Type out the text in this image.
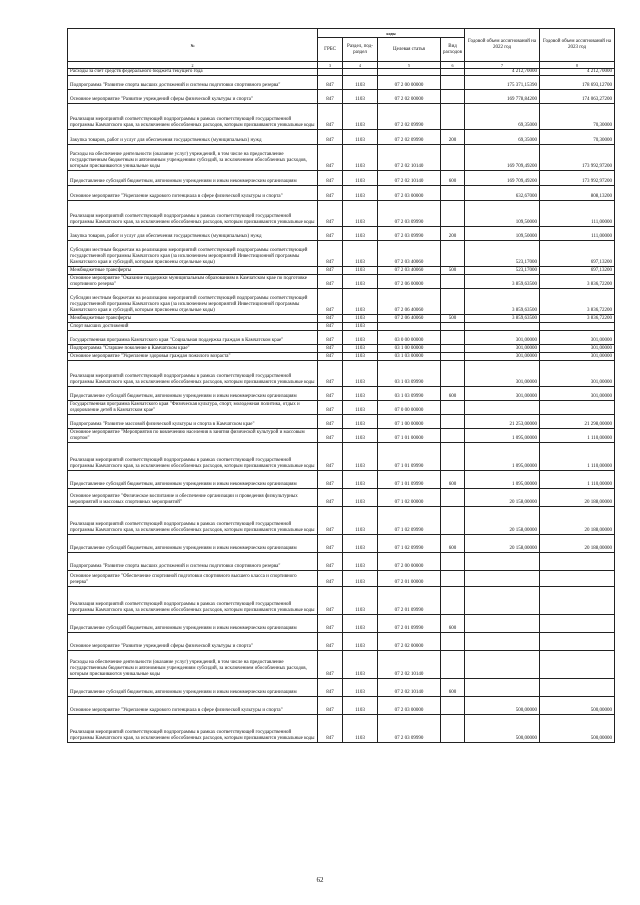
№	коды				Годовой объем ассигнований на 2022 год	Годовой объем ассигнований на 2023 год
	ГРБС	Раздел, под-раздел	Целевая статья	Вид расходов		
2	3	4	5	6	7	8
Расходы за счет средств федерального бюджета текущего года					4 212,70000	4 212,70000
Подпрограмма "Развитие спорта высших достижений и системы подготовки спортивного резерва"	847	1103	07 2 00 00000		175 371,15390	178 693,12700
Основное мероприятие "Развитие учреждений сферы физической культуры и спорта"	847	1103	07 2 02 00000		169 778,84200	174 063,27200
Реализация мероприятий соответствующей подпрограммы в рамках соответствующей государственной программы Камчатского края, за исключением обособленных расходов, которым присваиваются уникальные коды	847	1103	07 2 02 09990		69,35000	70,30000
Закупка товаров, работ и услуг для обеспечения государственных (муниципальных) нужд	847	1103	07 2 02 09990	200	69,35000	70,30000
Расходы на обеспечение деятельности (оказание услуг) учреждений, в том числе на предоставление государственным бюджетным и автономным учреждениям субсидий, за исключением обособленных расходов, которым присваиваются уникальные коды	847	1103	07 2 02 10140		169 709,49200	173 992,97200
Предоставление субсидий бюджетным, автономным учреждениям и иным некоммерческим организациям	847	1103	07 2 02 10140	600	169 709,49200	173 992,97200
Основное мероприятие "Укрепление кадрового потенциала в сфере физической культуры и спорта"	847	1103	07 2 03 00000		632,67000	808,13200
Реализация мероприятий соответствующей подпрограммы в рамках соответствующей государственной программы Камчатского края, за исключением обособленных расходов, которым присваиваются уникальные коды	847	1103	07 2 03 09990		109,50000	111,00000
Закупка товаров, работ и услуг для обеспечения государственных (муниципальных) нужд	847	1103	07 2 03 09990	200	109,50000	111,00000
Субсидии местным бюджетам на реализацию мероприятий соответствующей подпрограммы соответствующей государственной программы Камчатского края (за исключением мероприятий Инвестиционной программы Камчатского края и субсидий, которым присвоены отдельные коды)	847	1103	07 2 03 40060		523,17000	697,13200
Межбюджетные трансферты	847	1103	07 2 03 40060	500	523,17000	697,13200
Основное мероприятие "Оказание поддержки муниципальным образованиям в Камчатском крае по подготовке спортивного резерва"	847	1103	07 2 06 00000		3 859,63500	3 836,72200
Субсидии местным бюджетам на реализацию мероприятий соответствующей подпрограммы соответствующей государственной программы Камчатского края (за исключением мероприятий Инвестиционной программы Камчатского края и субсидий, которым присвоены отдельные коды)	847	1103	07 2 06 40060		3 859,63500	3 836,72200
Межбюджетные трансферты	847	1103	07 2 06 40060	500	3 859,63500	3 836,72200
Спорт высших достижений	847	1103				
Государственная программа Камчатского края "Социальная поддержка граждан в Камчатском крае"	847	1103	03 0 00 00000		301,00000	301,00000
Подпрограмма "Старшее поколение в Камчатском крае"	847	1103	03 1 00 00000		301,00000	301,00000
Основное мероприятие "Укрепление здоровья граждан пожилого возраста"	847	1103	03 1 03 00000		301,00000	301,00000
Реализация мероприятий соответствующей подпрограммы в рамках соответствующей государственной программы Камчатского края, за исключением обособленных расходов, которым присваиваются уникальные коды	847	1103	03 1 03 09990		301,00000	301,00000
Предоставление субсидий бюджетным, автономным учреждениям и иным некоммерческим организациям	847	1103	03 1 03 09990	600	301,00000	301,00000
Государственная программа Камчатского края "Физическая культура, спорт, молодежная политика, отдых и оздоровление детей в Камчатском крае"	847	1103	07 0 00 00000			
Подпрограмма "Развитие массовой физической культуры и спорта в Камчатском крае"	847	1103	07 1 00 00000		21 253,00000	21 298,00000
Основное мероприятие "Мероприятия по вовлечению населения в занятия физической культурой и массовым спортом"	847	1103	07 1 01 00000		1 095,00000	1 110,00000
Реализация мероприятий соответствующей подпрограммы в рамках соответствующей государственной программы Камчатского края, за исключением обособленных расходов, которым присваиваются уникальные коды	847	1103	07 1 01 09990		1 095,00000	1 110,00000
Предоставление субсидий бюджетным, автономным учреждениям и иным некоммерческим организациям	847	1103	07 1 01 09990	600	1 095,00000	1 110,00000
Основное мероприятие "Физическое воспитание и обеспечение организации и проведения физкультурных мероприятий и массовых спортивных мероприятий"	847	1103	07 1 02 00000		20 158,00000	20 188,00000
Реализация мероприятий соответствующей подпрограммы в рамках соответствующей государственной программы Камчатского края, за исключением обособленных расходов, которым присваиваются уникальные коды	847	1103	07 1 02 09990		20 158,00000	20 188,00000
Предоставление субсидий бюджетным, автономным учреждениям и иным некоммерческим организациям	847	1103	07 1 02 09990	600	20 158,00000	20 188,00000
Подпрограмма "Развитие спорта высших достижений и системы подготовки спортивного резерва"	847	1103	07 2 00 00000			
Основное мероприятие "Обеспечение спортивной подготовки спортивного высшего класса и спортивного резерва"	847	1103	07 2 01 00000			
Реализация мероприятий соответствующей подпрограммы в рамках соответствующей государственной программы Камчатского края, за исключением обособленных расходов, которым присваиваются уникальные коды	847	1103	07 2 01 09990			
Предоставление субсидий бюджетным, автономным учреждениям и иным некоммерческим организациям	847	1103	07 2 01 09990	600		
Основное мероприятие "Развитие учреждений сферы физической культуры и спорта"	847	1103	07 2 02 00000			
Расходы на обеспечение деятельности (оказание услуг) учреждений, в том числе на предоставление государственным бюджетным и автономным учреждениям субсидий, за исключением обособленных расходов, которым присваиваются уникальные коды	847	1103	07 2 02 10140			
Предоставление субсидий бюджетным, автономным учреждениям и иным некоммерческим организациям	847	1103	07 2 02 10140	600		
Основное мероприятие "Укрепление кадрового потенциала в сфере физической культуры и спорта"	847	1103	07 2 03 00000		500,00000	500,00000
Реализация мероприятий соответствующей подпрограммы в рамках соответствующей государственной программы Камчатского края, за исключением обособленных расходов, которым присваиваются уникальные коды	847	1103	07 2 03 09990		500,00000	500,00000
62
